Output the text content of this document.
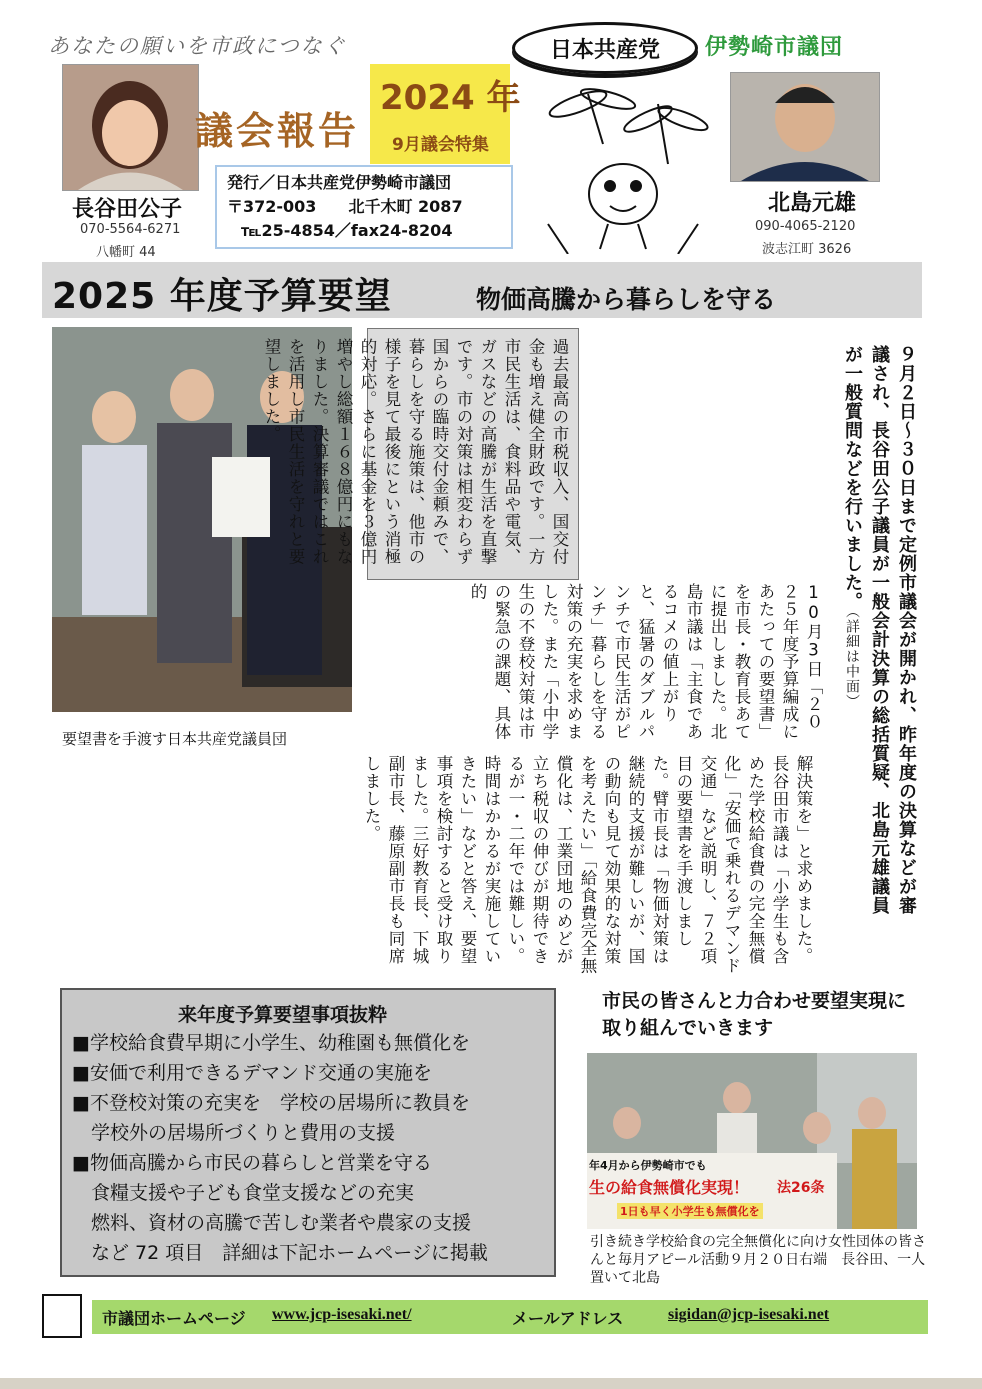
あなたの願いを市政につなぐ	日本共産党	伊勢崎市議団
長谷田公子
070-5564-6271
八幡町 44
議会報告
2024 年
9月議会特集
発行／日本共産党伊勢崎市議団
〒372-003　　 北千木町 2087
℡25-4854／fax24-8204
北島元雄
090-4065-2120
波志江町 3626
2025 年度予算要望	物価高騰から暮らしを守る
要望書を手渡す日本共産党議員団	９月２日～３０日まで定例市議会が開かれ、昨年度の決算などが審議され、長谷田公子議員が一般会計決算の総括質疑、北島元雄議員が一般質問などを行いました。（詳細は中面）
過去最高の市税収入、国交付金も増え健全財政です。一方市民生活は、食料品や電気、ガスなどの高騰が生活を直撃です。市の対策は相変わらず国からの臨時交付金頼みで、暮らしを守る施策は、他市の様子を見て最後にという消極的対応。さらに基金を３億円増やし総額１６８億円にもなりました。決算審議ではこれを活用し市民生活を守れと要望しました。
10月3日「２０２５年度予算編成にあたっての要望書」を市長・教育長あてに提出しました。北島市議は「主食であるコメの値上がりと、猛暑のダブルパンチで市民生活がピンチ」暮らしを守る対策の充実を求めました。また「小中学生の不登校対策は市の緊急の課題、具体的
解決策を」と求めました。長谷田市議は「小学生も含めた学校給食費の完全無償化」「安価で乗れるデマンド交通」など説明し、７２項目の要望書を手渡しました。臂市長は「物価対策は継続的支援が難しいが、国の動向も見て効果的な対策を考えたい」「給食費完全無償化は、工業団地のめどが立ち税収の伸びが期待できるが一・二年では難しい。時間はかかるが実施していきたい」などと答え、要望事項を検討すると受け取りました。三好教育長、下城副市長、藤原副市長も同席しました。
来年度予算要望事項抜粋
■学校給食費早期に小学生、幼稚園も無償化を
■安価で利用できるデマンド交通の実施を
■不登校対策の充実を　学校の居場所に教員を
　学校外の居場所づくりと費用の支援
■物価高騰から市民の暮らしと営業を守る
　食糧支援や子ども食堂支援などの充実
　燃料、資材の高騰で苦しむ業者や農家の支援
　など 72 項目　詳細は下記ホームページに掲載
市民の皆さんと力合わせ要望実現に取り組んでいきます
年4月から伊勢崎市でも
生の給食無償化実現！
1日も早く小学生も無償化を
法26条
引き続き学校給食の完全無償化に向け女性団体の皆さんと毎月アピール活動９月２０日右端　長谷田、一人置いて北島
市議団ホームページ www.jcp-isesaki.net/	メールアドレス	sigidan@jcp-isesaki.net
